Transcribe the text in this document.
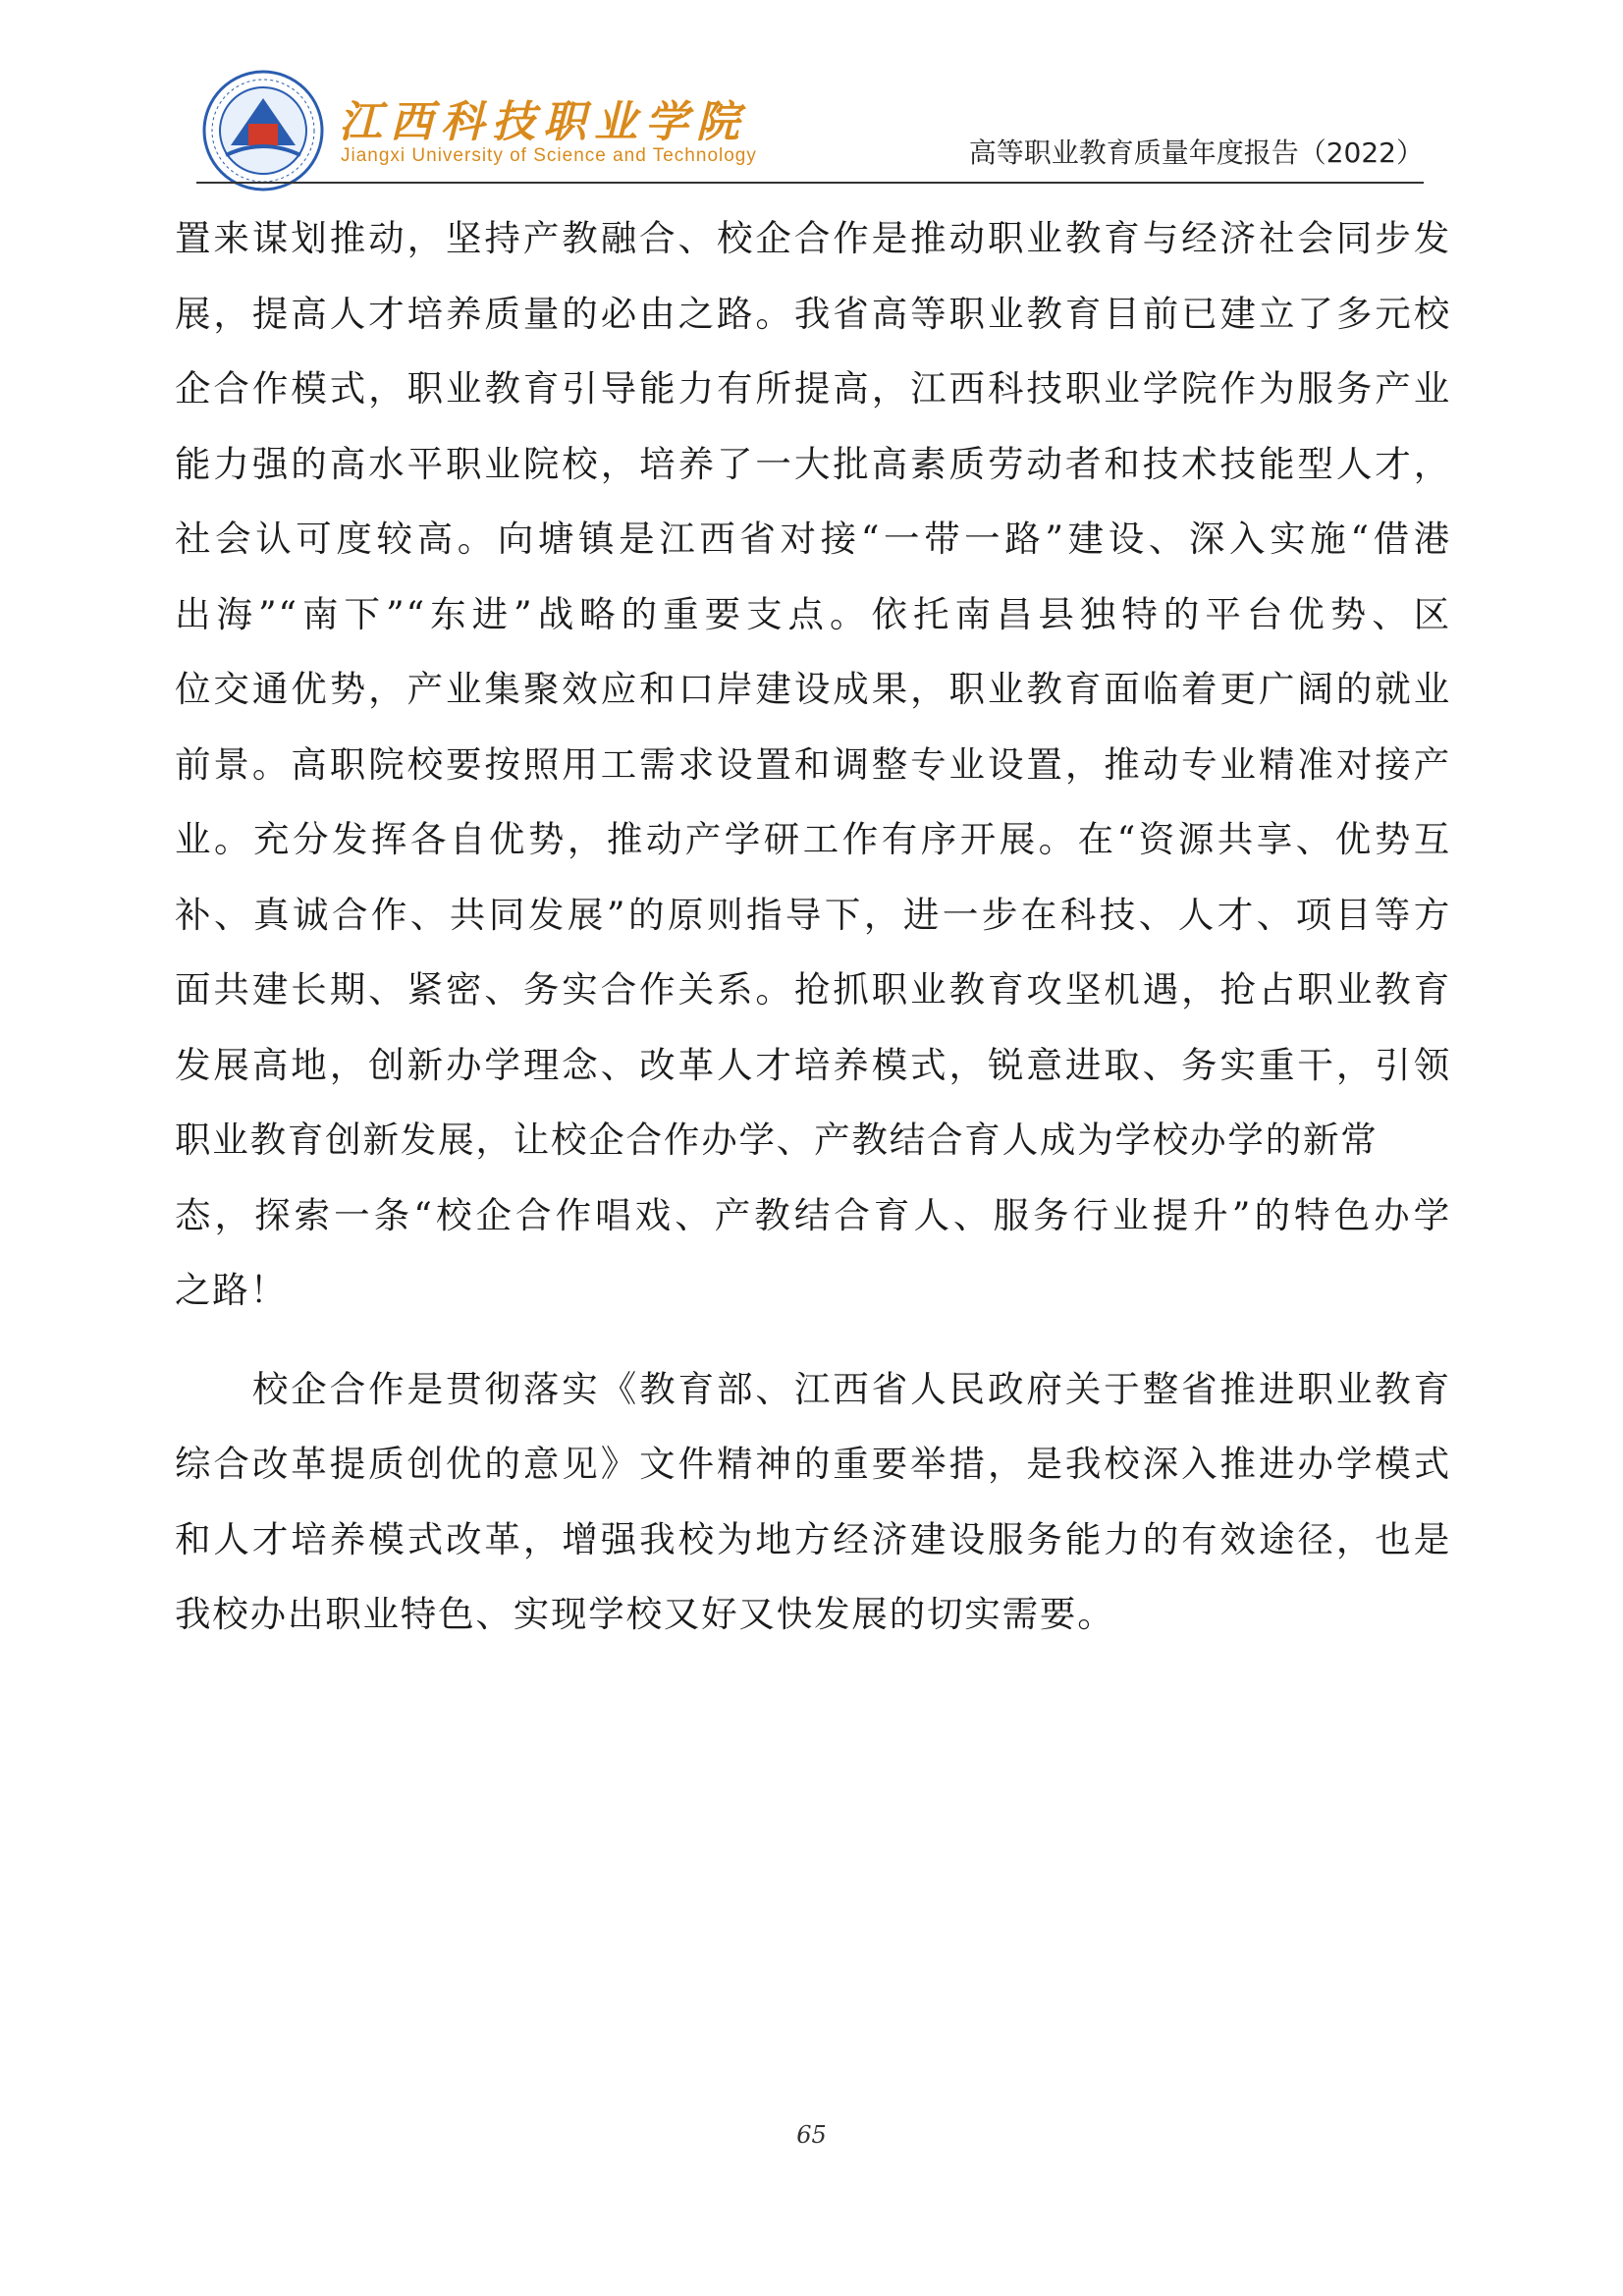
江西科技职业学院
Jiangxi University of Science and Technology	高等职业教育质量年度报告（2022）
置来谋划推动，坚持产教融合、校企合作是推动职业教育与经济社会同步发
展，提高人才培养质量的必由之路。我省高等职业教育目前已建立了多元校
企合作模式，职业教育引导能力有所提高，江西科技职业学院作为服务产业
能力强的高水平职业院校，培养了一大批高素质劳动者和技术技能型人才，
社会认可度较高。向塘镇是江西省对接“一带一路”建设、深入实施“借港
出海”“南下”“东进”战略的重要支点。依托南昌县独特的平台优势、区
位交通优势，产业集聚效应和口岸建设成果，职业教育面临着更广阔的就业
前景。高职院校要按照用工需求设置和调整专业设置，推动专业精准对接产
业。充分发挥各自优势，推动产学研工作有序开展。在“资源共享、优势互
补、真诚合作、共同发展”的原则指导下，进一步在科技、人才、项目等方
面共建长期、紧密、务实合作关系。抢抓职业教育攻坚机遇，抢占职业教育
发展高地，创新办学理念、改革人才培养模式，锐意进取、务实重干，引领
职业教育创新发展，让校企合作办学、产教结合育人成为学校办学的新常
态，探索一条“校企合作唱戏、产教结合育人、服务行业提升”的特色办学
之路！
　　校企合作是贯彻落实《教育部、江西省人民政府关于整省推进职业教育
综合改革提质创优的意见》文件精神的重要举措，是我校深入推进办学模式
和人才培养模式改革，增强我校为地方经济建设服务能力的有效途径，也是
我校办出职业特色、实现学校又好又快发展的切实需要。
65
